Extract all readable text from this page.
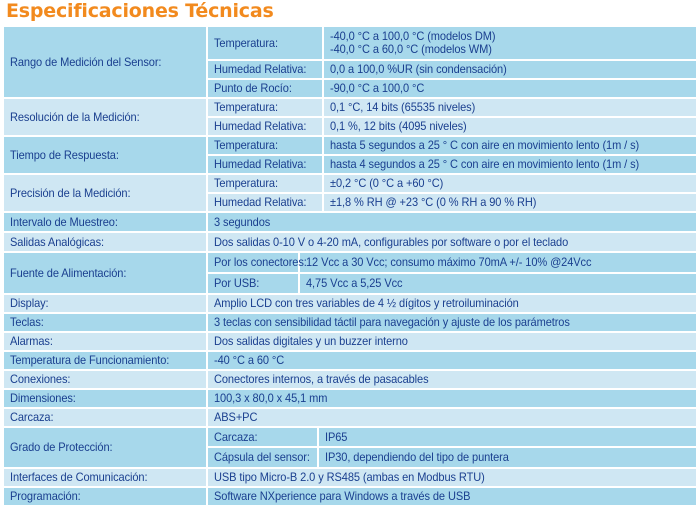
Especificaciones Técnicas
Rango de Medición del Sensor:
Temperatura:	-40,0 °C a 100,0 °C (modelos DM)
-40,0 °C a 60,0 °C (modelos WM)
Humedad Relativa: 0,0 a 100,0 %UR (sin condensación)
Punto de Rocío:	-90,0 °C a 100,0 °C
Resolución de la Medición:
Temperatura:	0,1 °C, 14 bits (65535 niveles)
Humedad Relativa: 0,1 %, 12 bits (4095 niveles)
Tiempo de Respuesta:
Temperatura:	hasta 5 segundos a 25 ° C con aire en movimiento lento (1m / s)
Humedad Relativa: hasta 4 segundos a 25 ° C con aire en movimiento lento (1m / s)
Precisión de la Medición:
Temperatura:	±0,2 °C (0 °C a +60 °C)
Humedad Relativa: ±1,8 % RH @ +23 °C (0 % RH a 90 % RH)
Intervalo de Muestreo:	3 segundos
Salidas Analógicas:	Dos salidas 0-10 V o 4-20 mA, configurables por software o por el teclado
Fuente de Alimentación:
Por los conectores: 12 Vcc a 30 Vcc; consumo máximo 70mA +/- 10% @24Vcc
Por USB:	4,75 Vcc a 5,25 Vcc
Display:	Amplio LCD con tres variables de 4 ½ dígitos y retroiluminación
Teclas:	3 teclas con sensibilidad táctil para navegación y ajuste de los parámetros
Alarmas:	Dos salidas digitales y un buzzer interno
Temperatura de Funcionamiento:	-40 °C a 60 °C
Conexiones:	Conectores internos, a través de pasacables
Dimensiones:	100,3 x 80,0 x 45,1 mm
Carcaza:	ABS+PC
Grado de Protección:
Carcaza:	IP65
Cápsula del sensor: IP30, dependiendo del tipo de puntera
Interfaces de Comunicación:	USB tipo Micro-B 2.0 y RS485 (ambas en Modbus RTU)
Programación:	Software NXperience para Windows a través de USB
